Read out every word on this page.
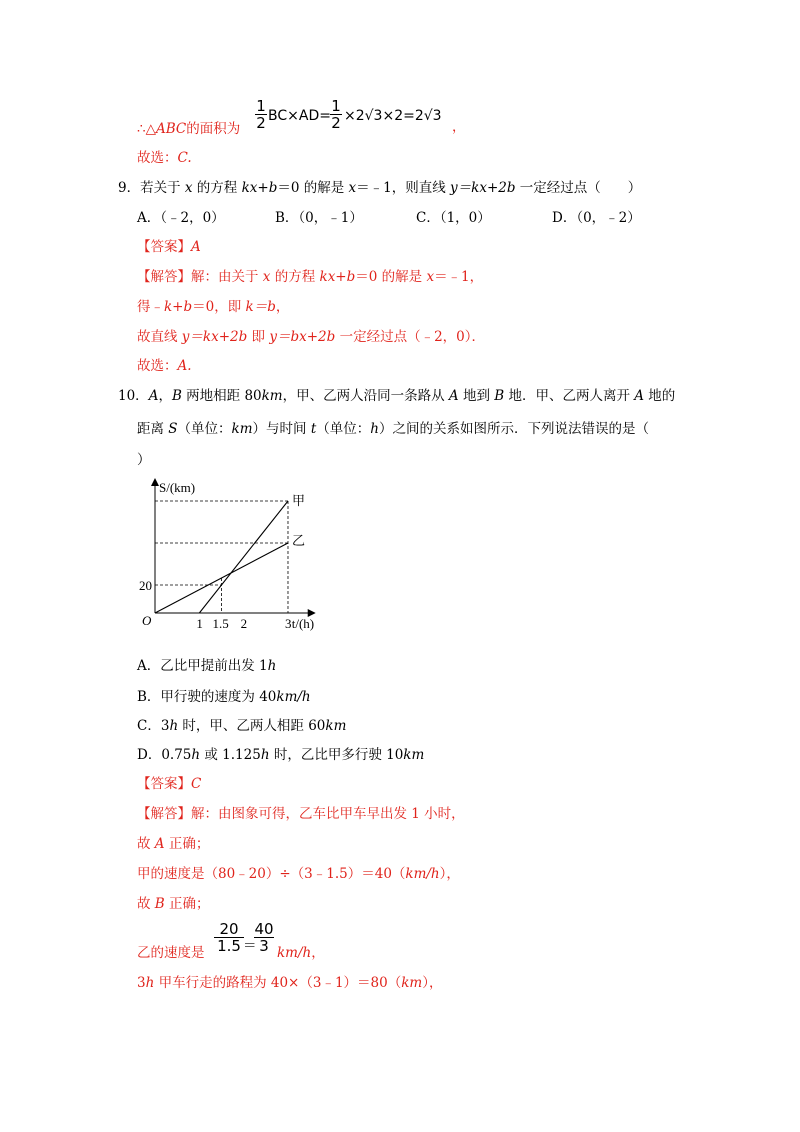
∴△ABC的面积为
1
2 BC×AD=
1
2 ×2√3×2=2√3
，
故选：C.
9．若关于 x 的方程 kx+b＝0 的解是 x＝﹣1，则直线 y＝kx+2b 一定经过点（　　）
A．（﹣2，0）	B．（0，﹣1）	C．（1，0）	D．（0，﹣2）
【答案】A
【解答】解：由关于 x 的方程 kx+b＝0 的解是 x＝﹣1，
得﹣k+b＝0，即 k＝b，
故直线 y＝kx+2b 即 y＝bx+2b 一定经过点（﹣2，0）．
故选：A.
10．A，B 两地相距 80km，甲、乙两人沿同一条路从 A 地到 B 地．甲、乙两人离开 A 地的
距离 S（单位：km）与时间 t（单位：h）之间的关系如图所示．下列说法错误的是（
）
S/(km)
t/(h)
O	1 1.5 2	3
20
甲
乙
A．乙比甲提前出发 1h
B．甲行驶的速度为 40km/h
C．3h 时，甲、乙两人相距 60km
D．0.75h 或 1.125h 时，乙比甲多行驶 10km
【答案】C
【解答】解：由图象可得，乙车比甲车早出发 1 小时，
故 A 正确；
甲的速度是（80﹣20）÷（3﹣1.5）＝40（km/h），
故 B 正确；
乙的速度是
20
1.5 ＝
40
3 km/h，
3h 甲车行走的路程为 40×（3﹣1）＝80（km），
